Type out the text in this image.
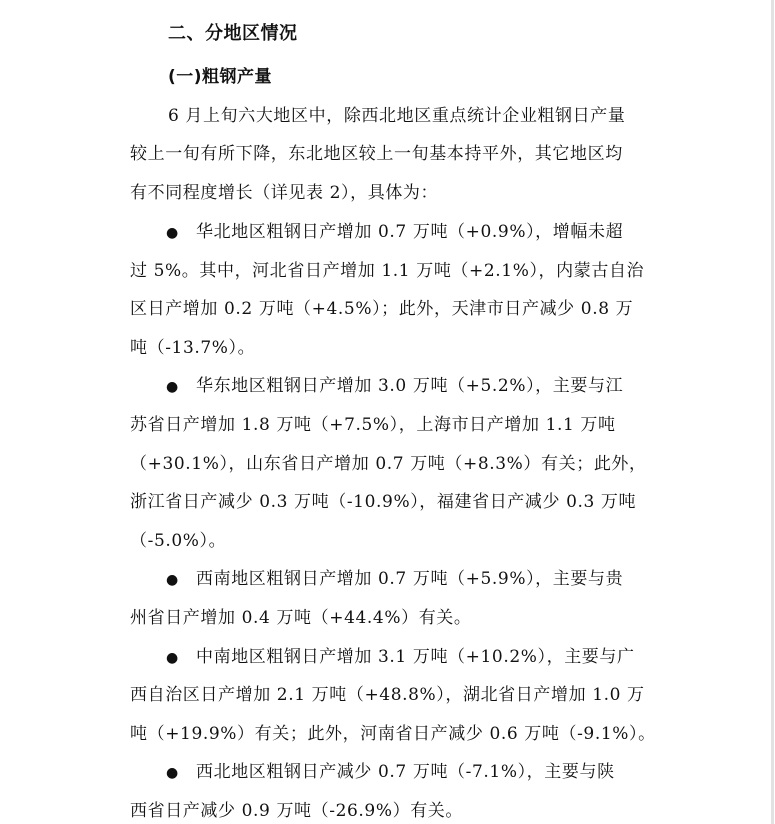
二、分地区情况
(一)粗钢产量
6 月上旬六大地区中，除西北地区重点统计企业粗钢日产量
较上一旬有所下降，东北地区较上一旬基本持平外，其它地区均
有不同程度增长（详见表 2），具体为：
● 华北地区粗钢日产增加 0.7 万吨（+0.9%），增幅未超
过 5%。其中，河北省日产增加 1.1 万吨（+2.1%），内蒙古自治
区日产增加 0.2 万吨（+4.5%）；此外，天津市日产减少 0.8 万
吨（-13.7%）。
● 华东地区粗钢日产增加 3.0 万吨（+5.2%），主要与江
苏省日产增加 1.8 万吨（+7.5%），上海市日产增加 1.1 万吨
（+30.1%），山东省日产增加 0.7 万吨（+8.3%）有关；此外，
浙江省日产减少 0.3 万吨（-10.9%），福建省日产减少 0.3 万吨
（-5.0%）。
● 西南地区粗钢日产增加 0.7 万吨（+5.9%），主要与贵
州省日产增加 0.4 万吨（+44.4%）有关。
● 中南地区粗钢日产增加 3.1 万吨（+10.2%），主要与广
西自治区日产增加 2.1 万吨（+48.8%），湖北省日产增加 1.0 万
吨（+19.9%）有关；此外，河南省日产减少 0.6 万吨（-9.1%）。
● 西北地区粗钢日产减少 0.7 万吨（-7.1%），主要与陕
西省日产减少 0.9 万吨（-26.9%）有关。
